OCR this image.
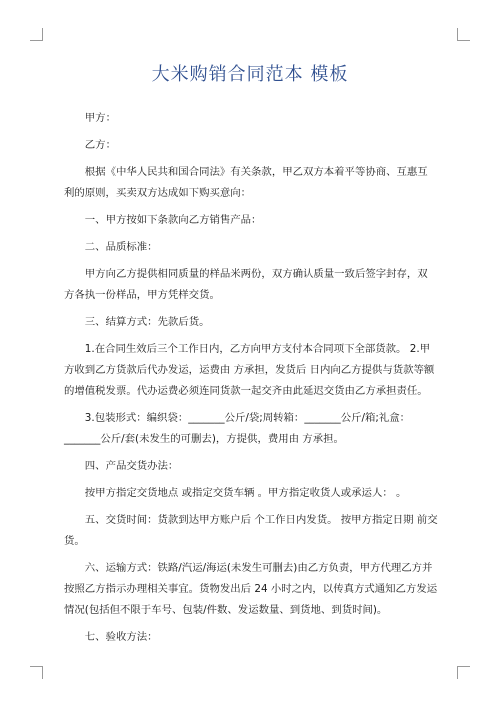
大米购销合同范本 模板

甲方：

乙方：

根据《中华人民共和国合同法》有关条款，甲乙双方本着平等协商、互惠互利的原则，买卖双方达成如下购买意向：

一、甲方按如下条款向乙方销售产品：

二、品质标准：

甲方向乙方提供相同质量的样品米两份，双方确认质量一致后签字封存，双方各执一份样品，甲方凭样交货。

三、结算方式：先款后货。

1.在合同生效后三个工作日内，乙方向甲方支付本合同项下全部货款。 2.甲方收到乙方货款后代办发运，运费由 方承担，发货后 日内向乙方提供与货款等额的增值税发票。代办运费必须连同货款一起交齐由此延迟交货由乙方承担责任。

3.包装形式：编织袋：_______公斤/袋;周转箱：_______公斤/箱;礼盒：_______公斤/套(未发生的可删去)，方提供，费用由 方承担。

四、产品交货办法：

按甲方指定交货地点 或指定交货车辆 。甲方指定收货人或承运人： 。

五、交货时间：货款到达甲方账户后 个工作日内发货。 按甲方指定日期 前交货。

六、运输方式：铁路/汽运/海运(未发生可删去)由乙方负责，甲方代理乙方并按照乙方指示办理相关事宜。货物发出后 24 小时之内，以传真方式通知乙方发运情况(包括但不限于车号、包装/件数、发运数量、到货地、到货时间)。

七、验收方法：
